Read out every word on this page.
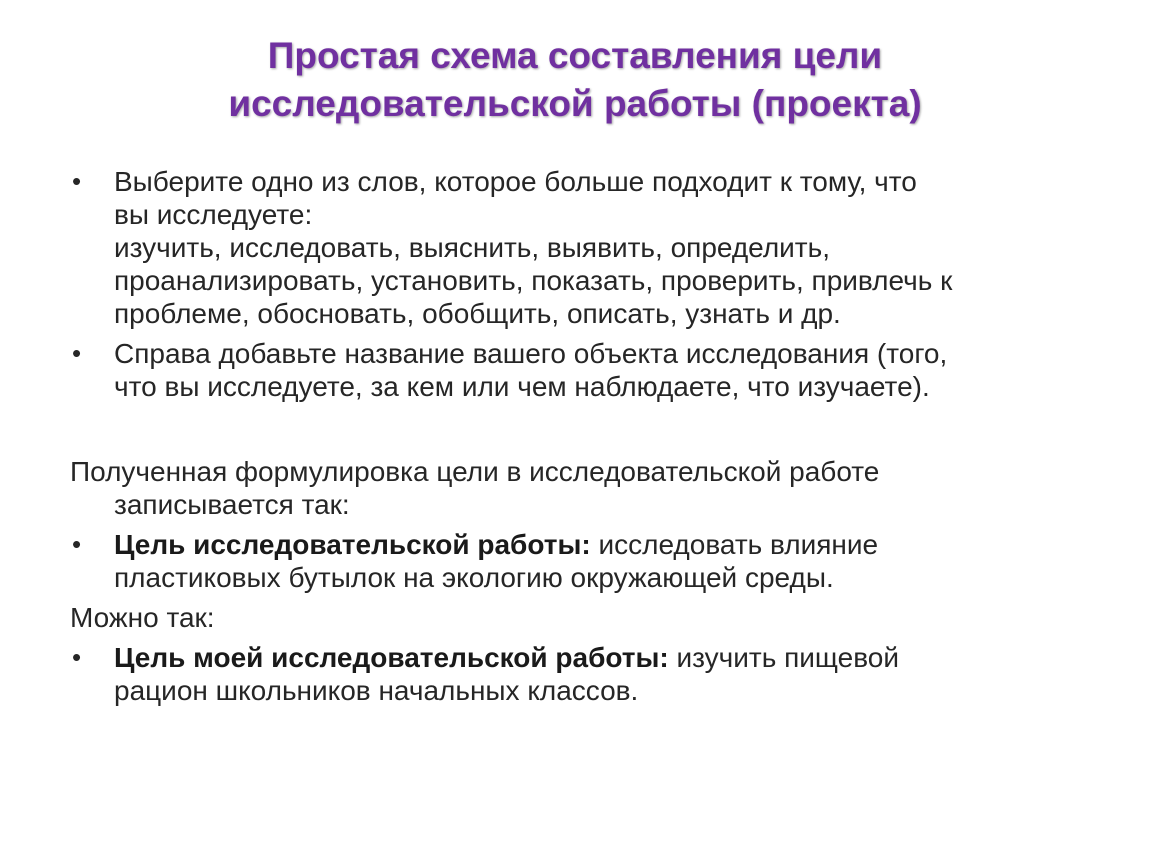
Простая схема составления цели
исследовательской работы (проекта)
• Выберите одно из слов, которое больше подходит к тому, что
вы исследуете:
изучить, исследовать, выяснить, выявить, определить,
проанализировать, установить, показать, проверить, привлечь к
проблеме, обосновать, обобщить, описать, узнать и др.
• Справа добавьте название вашего объекта исследования (того,
что вы исследуете, за кем или чем наблюдаете, что изучаете).
Полученная формулировка цели в исследовательской работе
записывается так:
• Цель исследовательской работы: исследовать влияние
пластиковых бутылок на экологию окружающей среды.
Можно так:
• Цель моей исследовательской работы: изучить пищевой
рацион школьников начальных классов.
